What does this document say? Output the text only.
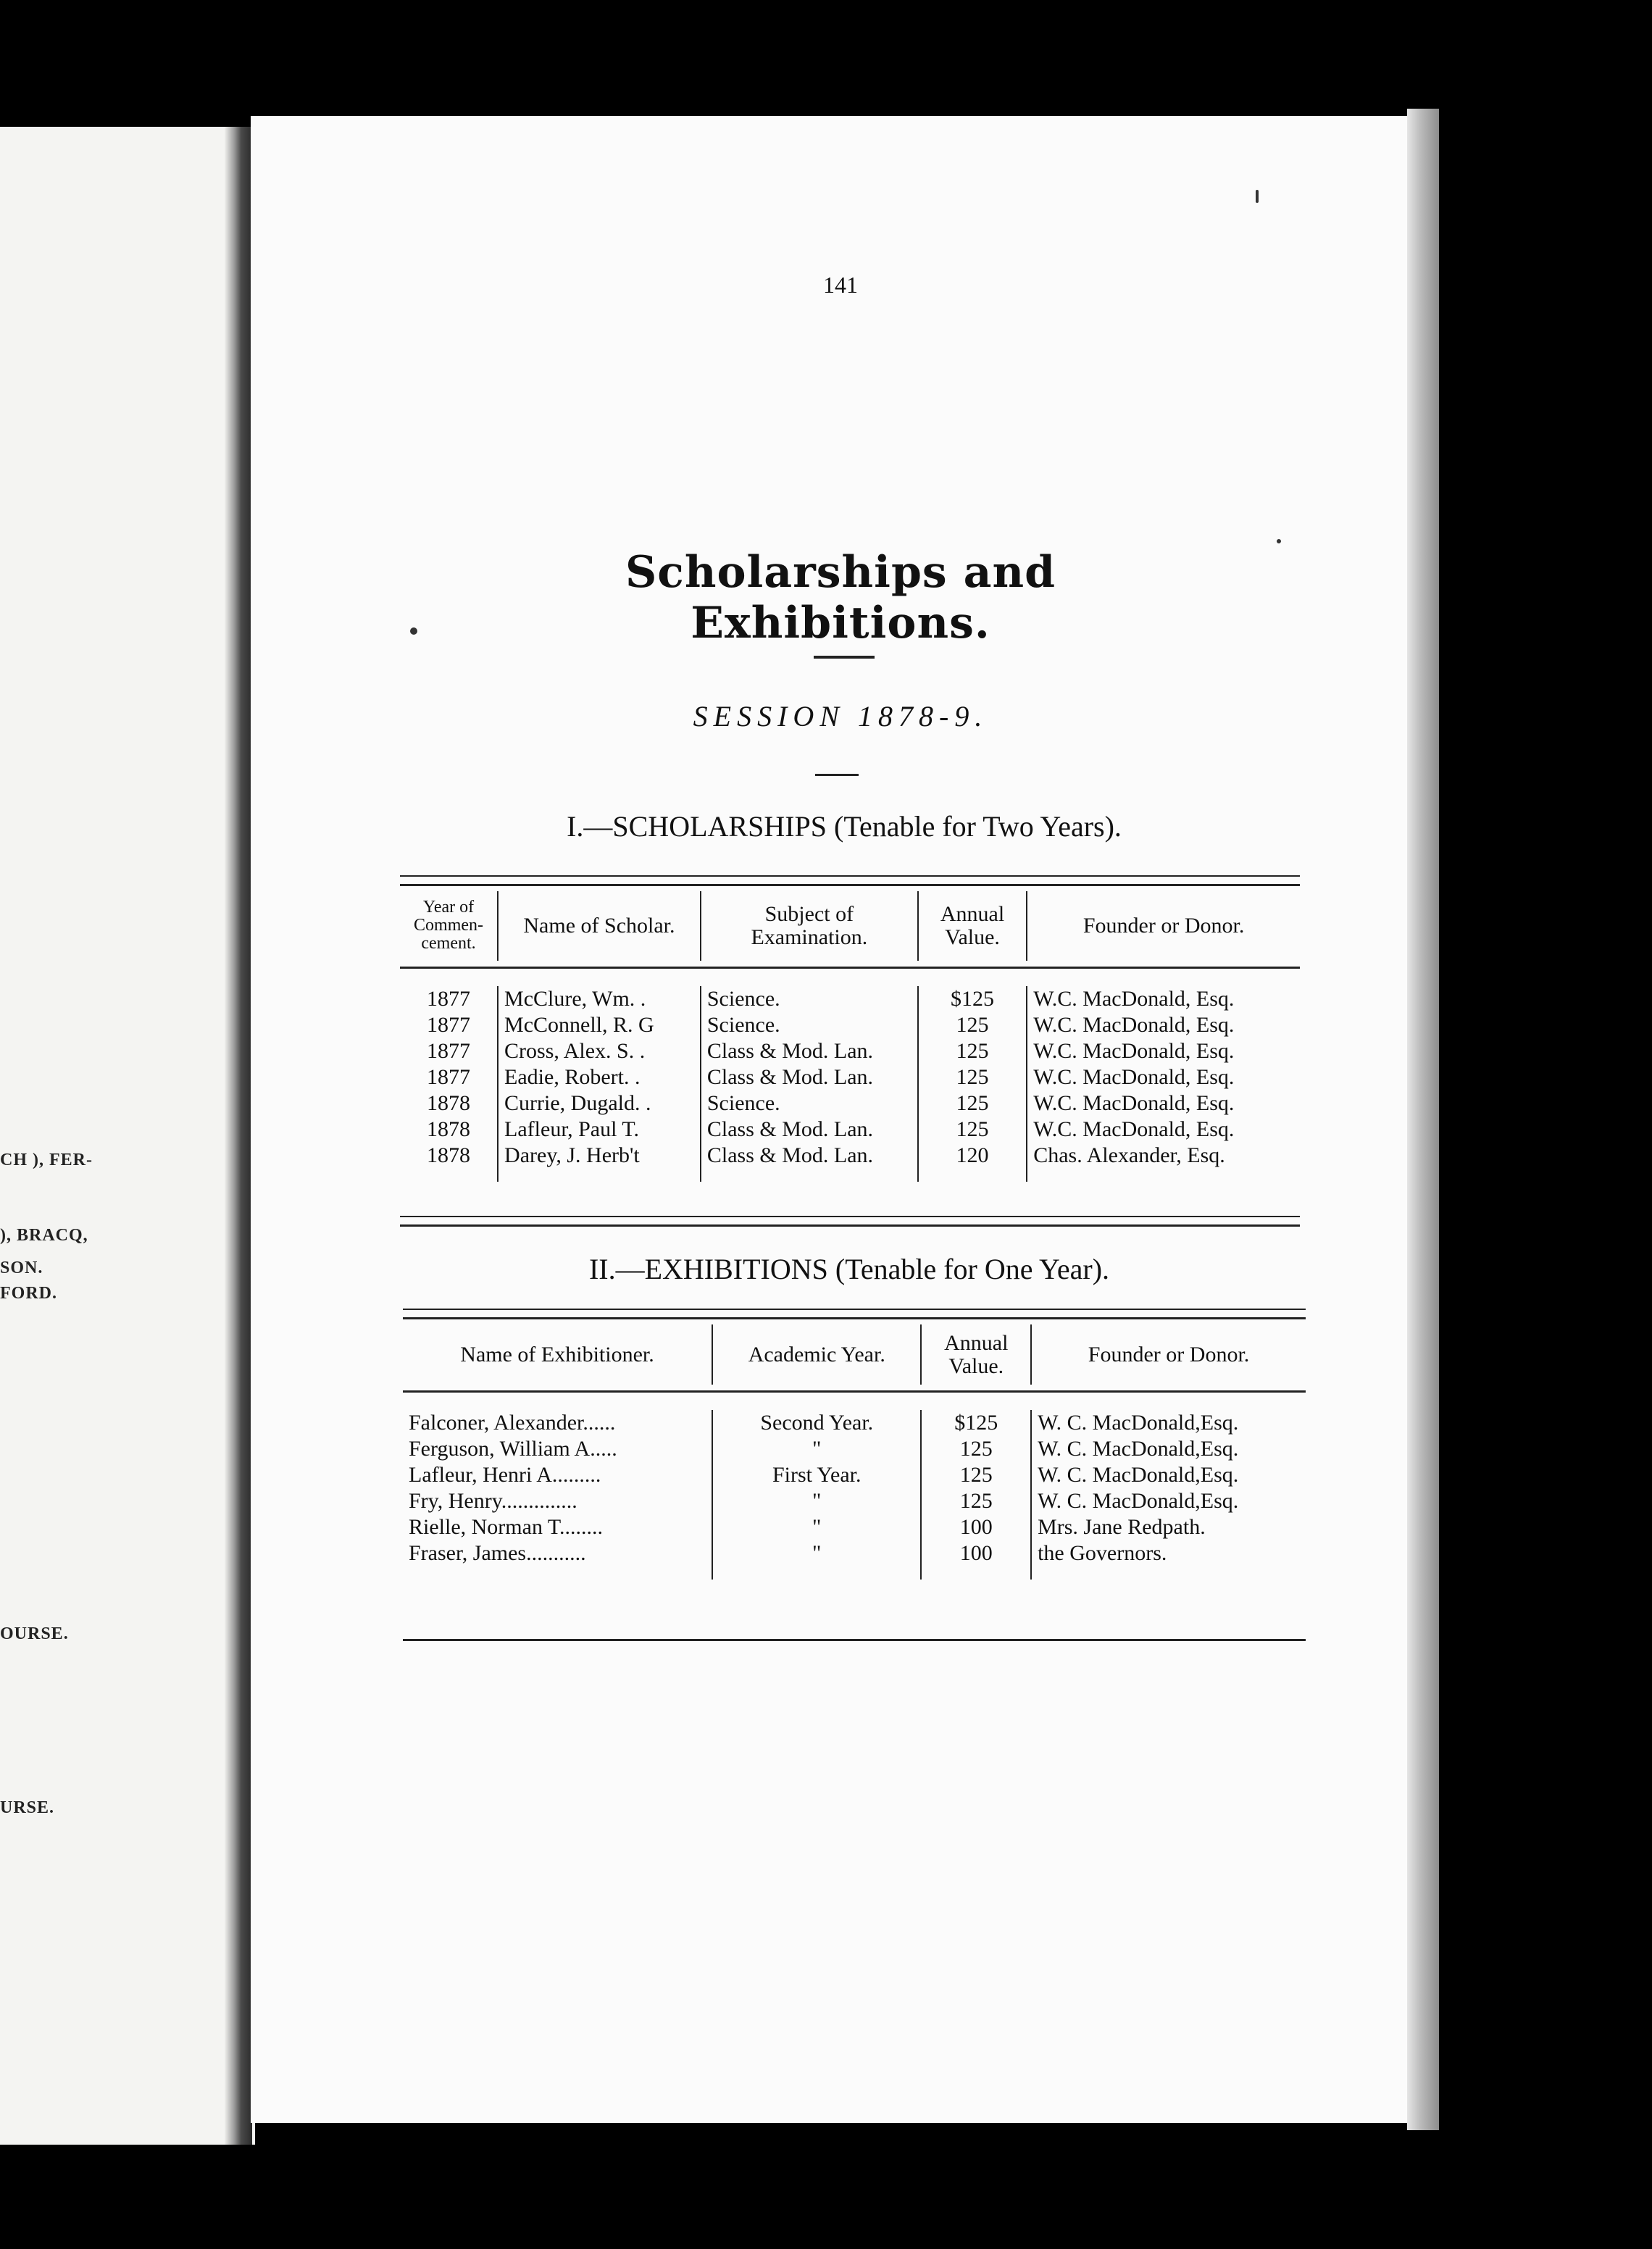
CH ), FER-
), BRACQ,
SON.
FORD.
OURSE.
URSE.
141
Scholarships and Exhibitions.
SESSION 1878-9.
I.—SCHOLARSHIPS (Tenable for Two Years).
Year of Commen- cement.	Name of Scholar.	Subject of Examination.	Annual Value.	Founder or Donor.

1877	McClure, Wm. .	Science.	$125	W.C. MacDonald, Esq.
1877	McConnell, R. G	Science.	125	W.C. MacDonald, Esq.
1877	Cross, Alex. S. .	Class & Mod. Lan.	125	W.C. MacDonald, Esq.
1877	Eadie, Robert. .	Class & Mod. Lan.	125	W.C. MacDonald, Esq.
1878	Currie, Dugald. .	Science.	125	W.C. MacDonald, Esq.
1878	Lafleur, Paul T.	Class & Mod. Lan.	125	W.C. MacDonald, Esq.
1878	Darey, J. Herb't	Class & Mod. Lan.	120	Chas. Alexander, Esq.

II.—EXHIBITIONS (Tenable for One Year).
Name of Exhibitioner.	Academic Year.	Annual Value.	Founder or Donor.

Falconer, Alexander......	Second Year.	$125	W. C. MacDonald,Esq.
Ferguson, William A.....	"	125	W. C. MacDonald,Esq.
Lafleur, Henri A.........	First Year.	125	W. C. MacDonald,Esq.
Fry, Henry..............	"	125	W. C. MacDonald,Esq.
Rielle, Norman T........	"	100	Mrs. Jane Redpath.
Fraser, James...........	"	100	the Governors.
